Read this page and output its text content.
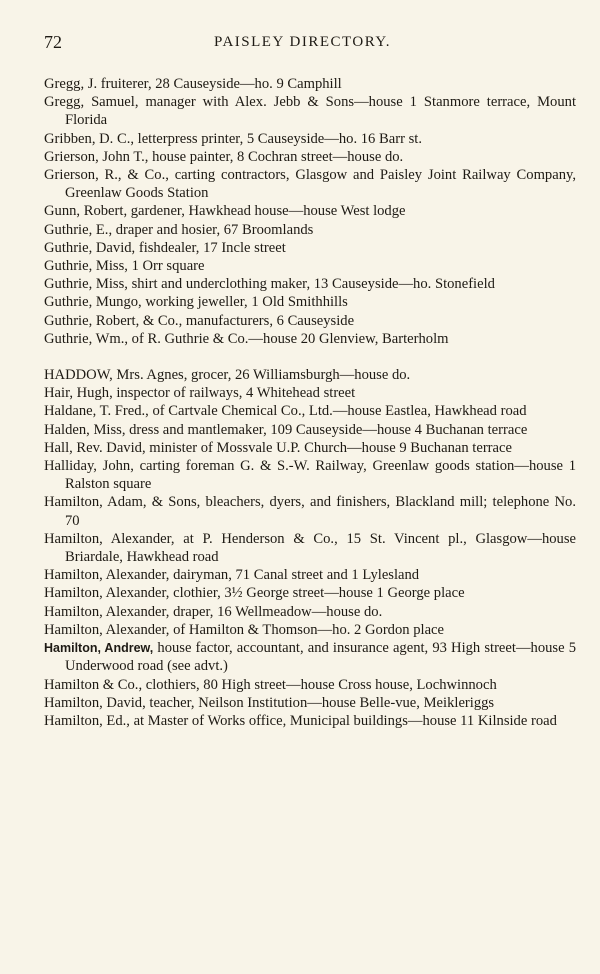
72	PAISLEY DIRECTORY.

Gregg, J. fruiterer, 28 Causeyside—ho. 9 Camphill

Gregg, Samuel, manager with Alex. Jebb & Sons—house 1 Stanmore terrace, Mount Florida

Gribben, D. C., letterpress printer, 5 Causeyside—ho. 16 Barr st.

Grierson, John T., house painter, 8 Cochran street—house do.

Grierson, R., & Co., carting contractors, Glasgow and Paisley Joint Railway Company, Greenlaw Goods Station

Gunn, Robert, gardener, Hawkhead house—house West lodge

Guthrie, E., draper and hosier, 67 Broomlands

Guthrie, David, fishdealer, 17 Incle street

Guthrie, Miss, 1 Orr square

Guthrie, Miss, shirt and underclothing maker, 13 Causeyside—ho. Stonefield

Guthrie, Mungo, working jeweller, 1 Old Smithhills

Guthrie, Robert, & Co., manufacturers, 6 Causeyside

Guthrie, Wm., of R. Guthrie & Co.—house 20 Glenview, Barterholm

HADDOW, Mrs. Agnes, grocer, 26 Williamsburgh—house do.

Hair, Hugh, inspector of railways, 4 Whitehead street

Haldane, T. Fred., of Cartvale Chemical Co., Ltd.—house Eastlea, Hawkhead road

Halden, Miss, dress and mantlemaker, 109 Causeyside—house 4 Buchanan terrace

Hall, Rev. David, minister of Mossvale U.P. Church—house 9 Buchanan terrace

Halliday, John, carting foreman G. & S.-W. Railway, Greenlaw goods station—house 1 Ralston square

Hamilton, Adam, & Sons, bleachers, dyers, and finishers, Blackland mill; telephone No. 70

Hamilton, Alexander, at P. Henderson & Co., 15 St. Vincent pl., Glasgow—house Briardale, Hawkhead road

Hamilton, Alexander, dairyman, 71 Canal street and 1 Lylesland

Hamilton, Alexander, clothier, 3½ George street—house 1 George place

Hamilton, Alexander, draper, 16 Wellmeadow—house do.

Hamilton, Alexander, of Hamilton & Thomson—ho. 2 Gordon place

Hamilton, Andrew, house factor, accountant, and insurance agent, 93 High street—house 5 Underwood road (see advt.)

Hamilton & Co., clothiers, 80 High street—house Cross house, Lochwinnoch

Hamilton, David, teacher, Neilson Institution—house Belle-vue, Meikleriggs

Hamilton, Ed., at Master of Works office, Municipal buildings—house 11 Kilnside road
